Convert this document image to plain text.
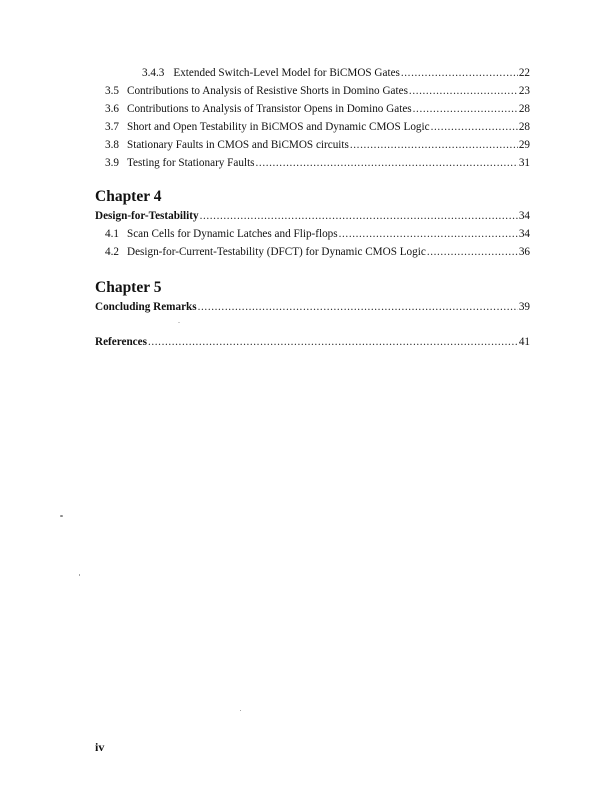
3.4.3 Extended Switch-Level Model for BiCMOS Gates .....	22
3.5 Contributions to Analysis of Resistive Shorts in Domino Gates .....	23
3.6 Contributions to Analysis of Transistor Opens in Domino Gates .....	28
3.7 Short and Open Testability in BiCMOS and Dynamic CMOS Logic .....	28
3.8 Stationary Faults in CMOS and BiCMOS circuits .....	29
3.9 Testing for Stationary Faults .....	31
Chapter 4
Design-for-Testability .....	34
4.1 Scan Cells for Dynamic Latches and Flip-flops .....	34
4.2 Design-for-Current-Testability (DFCT) for Dynamic CMOS Logic .....	36
Chapter 5
Concluding Remarks .....	39
References .....	41
iv
